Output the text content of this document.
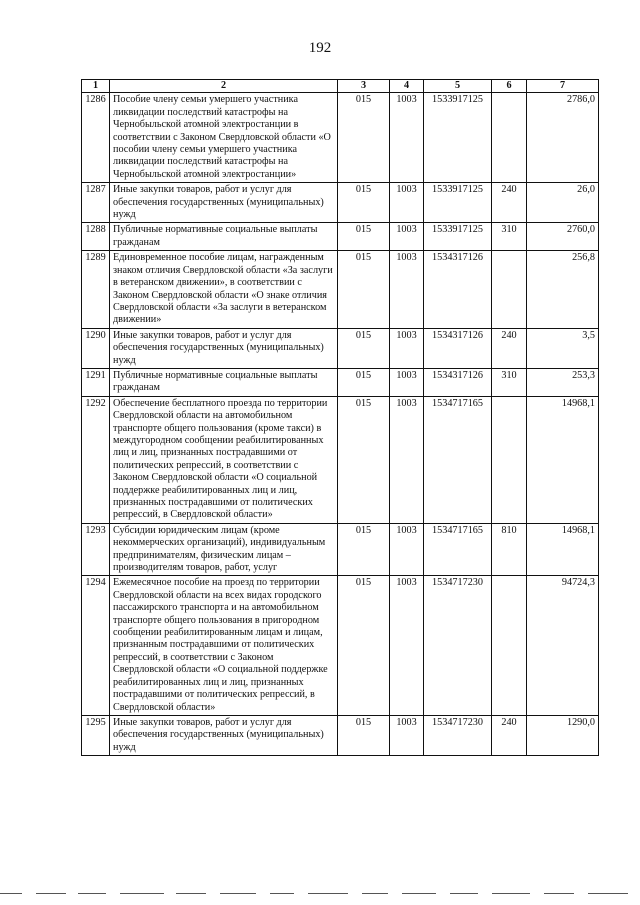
192
1	2	3	4	5	6	7
1286	Пособие члену семьи умершего участника ликвидации последствий катастрофы на Чернобыльской атомной электростанции в соответствии с Законом Свердловской области «О пособии члену семьи умершего участника ликвидации последствий катастрофы на Чернобыльской атомной электростанции»	015	1003	1533917125		2786,0
1287	Иные закупки товаров, работ и услуг для обеспечения государственных (муниципальных) нужд	015	1003	1533917125	240	26,0
1288	Публичные нормативные социальные выплаты гражданам	015	1003	1533917125	310	2760,0
1289	Единовременное пособие лицам, награжденным знаком отличия Свердловской области «За заслуги в ветеранском движении», в соответствии с Законом Свердловской области «О знаке отличия Свердловской области «За заслуги в ветеранском движении»	015	1003	1534317126		256,8
1290	Иные закупки товаров, работ и услуг для обеспечения государственных (муниципальных) нужд	015	1003	1534317126	240	3,5
1291	Публичные нормативные социальные выплаты гражданам	015	1003	1534317126	310	253,3
1292	Обеспечение бесплатного проезда по территории Свердловской области на автомобильном транспорте общего пользования (кроме такси) в междугородном сообщении реабилитированных лиц и лиц, признанных пострадавшими от политических репрессий, в соответствии с Законом Свердловской области «О социальной поддержке реабилитированных лиц и лиц, признанных пострадавшими от политических репрессий, в Свердловской области»	015	1003	1534717165		14968,1
1293	Субсидии юридическим лицам (кроме некоммерческих организаций), индивидуальным предпринимателям, физическим лицам – производителям товаров, работ, услуг	015	1003	1534717165	810	14968,1
1294	Ежемесячное пособие на проезд по территории Свердловской области на всех видах городского пассажирского транспорта и на автомобильном транспорте общего пользования в пригородном сообщении реабилитированным лицам и лицам, признанным пострадавшими от политических репрессий, в соответствии с Законом Свердловской области «О социальной поддержке реабилитированных лиц и лиц, признанных пострадавшими от политических репрессий, в Свердловской области»	015	1003	1534717230		94724,3
1295	Иные закупки товаров, работ и услуг для обеспечения государственных (муниципальных) нужд	015	1003	1534717230	240	1290,0
